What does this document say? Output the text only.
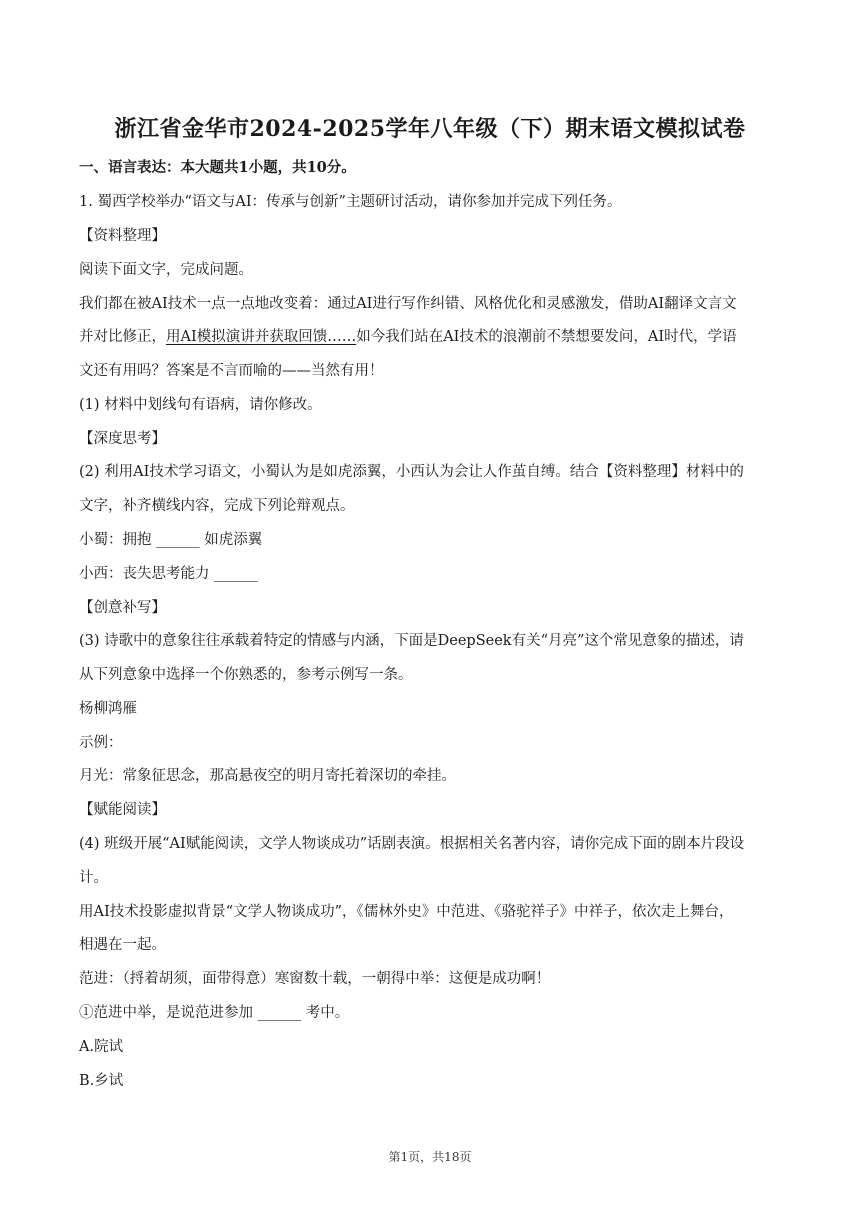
浙江省金华市2024-2025学年八年级（下）期末语文模拟试卷
一、语言表达：本大题共1小题，共10分。
1. 蜀西学校举办“语文与AI：传承与创新”主题研讨活动，请你参加并完成下列任务。
【资料整理】
阅读下面文字，完成问题。
我们都在被AI技术一点一点地改变着：通过AI进行写作纠错、风格优化和灵感激发，借助AI翻译文言文
并对比修正，用AI模拟演讲并获取回馈……如今我们站在AI技术的浪潮前不禁想要发问，AI时代，学语
文还有用吗？答案是不言而喻的——当然有用！
(1) 材料中划线句有语病，请你修改。
【深度思考】
(2) 利用AI技术学习语文，小蜀认为是如虎添翼，小西认为会让人作茧自缚。结合【资料整理】材料中的
文字，补齐横线内容，完成下列论辩观点。
小蜀：拥抱 ______ 如虎添翼
小西：丧失思考能力 ______
【创意补写】
(3) 诗歌中的意象往往承载着特定的情感与内涵，下面是DeepSeek有关“月亮”这个常见意象的描述，请
从下列意象中选择一个你熟悉的，参考示例写一条。
杨柳鸿雁
示例：
月光：常象征思念，那高悬夜空的明月寄托着深切的牵挂。
【赋能阅读】
(4) 班级开展“AI赋能阅读，文学人物谈成功”话剧表演。根据相关名著内容，请你完成下面的剧本片段设
计。
用AI技术投影虚拟背景“文学人物谈成功”，《儒林外史》中范进、《骆驼祥子》中祥子，依次走上舞台，
相遇在一起。
范进：（捋着胡须，面带得意）寒窗数十载，一朝得中举：这便是成功啊！
①范进中举，是说范进参加 ______ 考中。
A.院试
B.乡试
第1页，共18页
